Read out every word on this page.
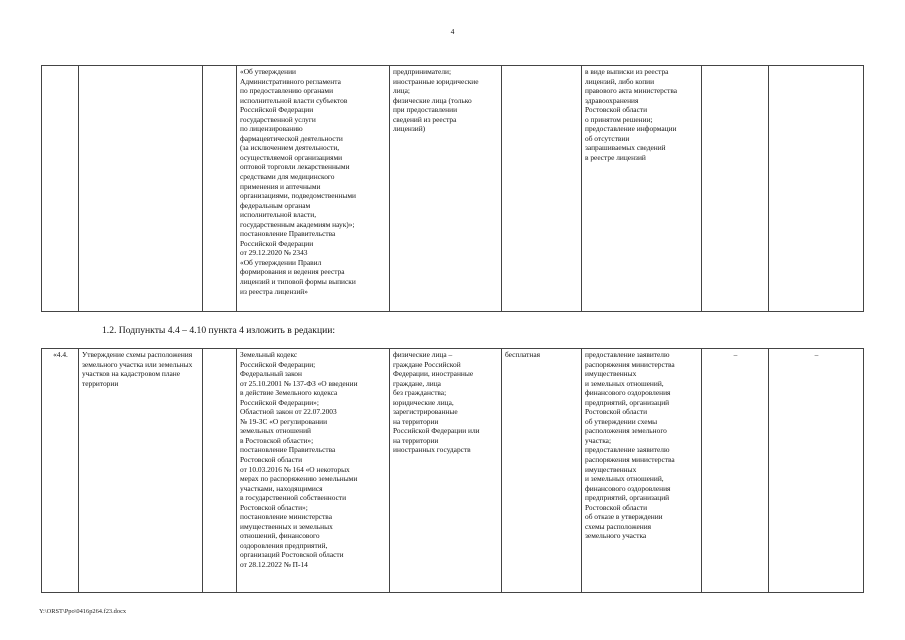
4
			«Об утверждении
Административного регламента
по предоставлению органами
исполнительной власти субъектов
Российской Федерации
государственной услуги
по лицензированию
фармацевтической деятельности
(за исключением деятельности,
осуществляемой организациями
оптовой торговли лекарственными
средствами для медицинского
применения и аптечными
организациями, подведомственными
федеральным органам
исполнительной власти,
государственным академиям наук)»;
постановление Правительства
Российской Федерации
от 29.12.2020 № 2343
«Об утверждении Правил
формирования и ведения реестра
лицензий и типовой формы выписки
из реестра лицензий»	предприниматели;
иностранные юридические
лица;
физические лица (только
при предоставлении
сведений из реестра
лицензий)		в виде выписки из реестра
лицензий, либо копии
правового акта министерства
здравоохранения
Ростовской области
о принятом решении;
предоставление информации
об отсутствии
запрашиваемых сведений
в реестре лицензий		
1.2. Подпункты 4.4 – 4.10 пункта 4 изложить в редакции:
«4.4.	Утверждение схемы расположения
земельного участка или земельных
участков на кадастровом плане
территории		Земельный кодекс
Российской Федерации;
Федеральный закон
от 25.10.2001 № 137-ФЗ «О введении
в действие Земельного кодекса
Российской Федерации»;
Областной закон от 22.07.2003
№ 19-ЗС «О регулировании
земельных отношений
в Ростовской области»;
постановление Правительства
Ростовской области
от 10.03.2016 № 164 «О некоторых
мерах по распоряжению земельными
участками, находящимися
в государственной собственности
Ростовской области»;
постановление министерства
имущественных и земельных
отношений, финансового
оздоровления предприятий,
организаций Ростовской области
от 28.12.2022 № П-14	физические лица –
граждане Российской
Федерации, иностранные
граждане, лица
без гражданства;
юридические лица,
зарегистрированные
на территории
Российской Федерации или
на территории
иностранных государств	бесплатная	предоставление заявителю
распоряжения министерства
имущественных
и земельных отношений,
финансового оздоровления
предприятий, организаций
Ростовской области
об утверждении схемы
расположения земельного
участка;
предоставление заявителю
распоряжения министерства
имущественных
и земельных отношений,
финансового оздоровления
предприятий, организаций
Ростовской области
об отказе в утверждении
схемы расположения
земельного участка	–	–
Y:\ORST\Ppo\0416p264.f23.docx
